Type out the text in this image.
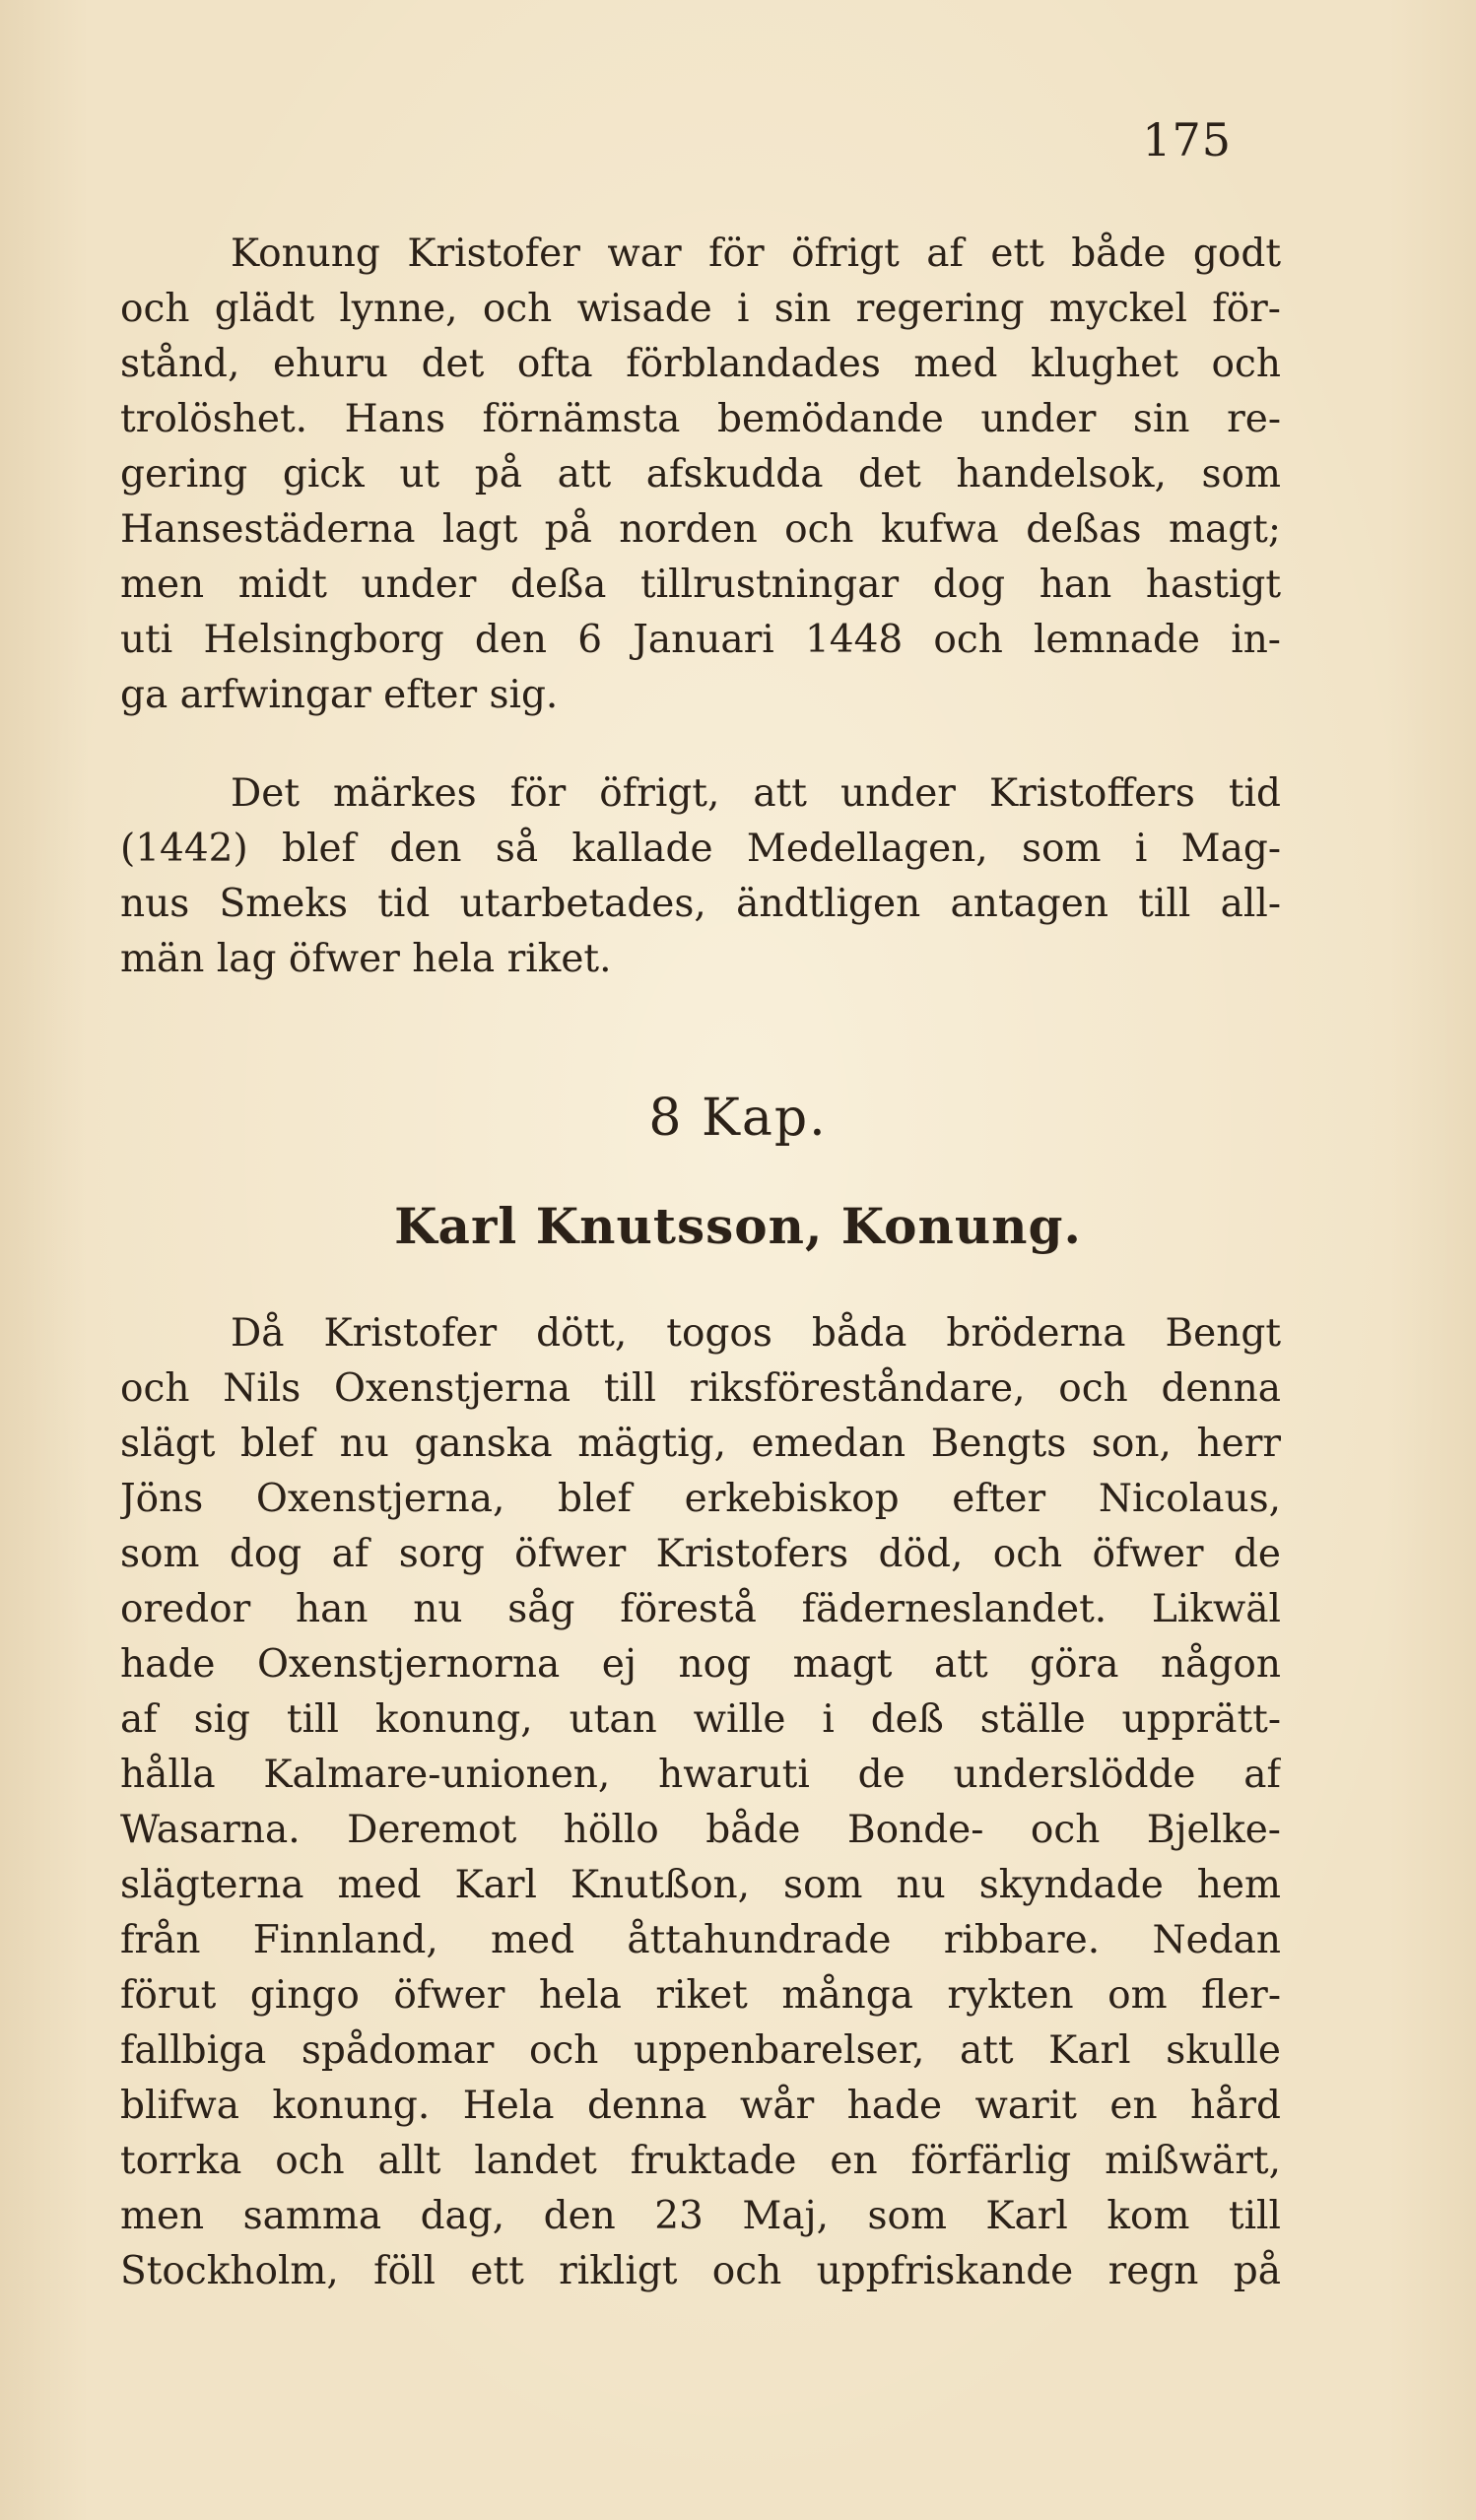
175
Konung Kristofer war för öfrigt af ett både godt
och glädt lynne, och wisade i sin regering myckel för-
stånd, ehuru det ofta förblandades med klughet och
trolöshet. Hans förnämsta bemödande under sin re-
gering gick ut på att afskudda det handelsok, som
Hansestäderna lagt på norden och kufwa deßas magt;
men midt under deßa tillrustningar dog han hastigt
uti Helsingborg den 6 Januari 1448 och lemnade in-
ga arfwingar efter sig.
Det märkes för öfrigt, att under Kristoffers tid
(1442) blef den så kallade Medellagen, som i Mag-
nus Smeks tid utarbetades, ändtligen antagen till all-
män lag öfwer hela riket.
8 Kap.
Karl Knutsson, Konung.
Då Kristofer dött, togos båda bröderna Bengt
och Nils Oxenstjerna till riksföreståndare, och denna
slägt blef nu ganska mägtig, emedan Bengts son, herr
Jöns Oxenstjerna, blef erkebiskop efter Nicolaus,
som dog af sorg öfwer Kristofers död, och öfwer de
oredor han nu såg förestå fäderneslandet. Likwäl
hade Oxenstjernorna ej nog magt att göra någon
af sig till konung, utan wille i deß ställe upprätt-
hålla Kalmare-unionen, hwaruti de underslödde af
Wasarna. Deremot höllo både Bonde- och Bjelke-
slägterna med Karl Knutßon, som nu skyndade hem
från Finnland, med åttahundrade ribbare. Nedan
förut gingo öfwer hela riket många rykten om fler-
fallbiga spådomar och uppenbarelser, att Karl skulle
blifwa konung. Hela denna wår hade warit en hård
torrka och allt landet fruktade en förfärlig mißwärt,
men samma dag, den 23 Maj, som Karl kom till
Stockholm, föll ett rikligt och uppfriskande regn på
